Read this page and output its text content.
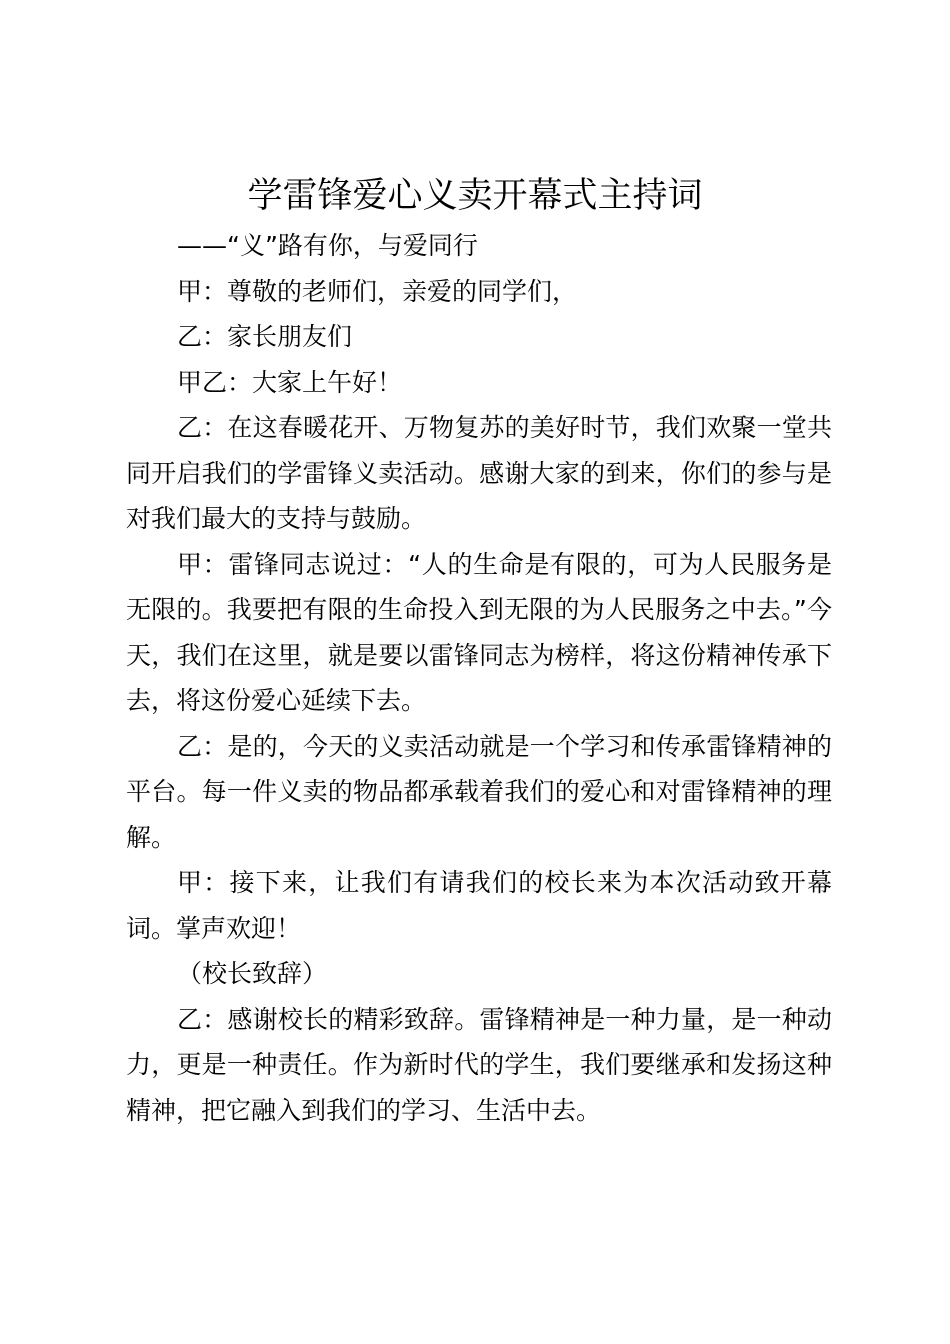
学雷锋爱心义卖开幕式主持词

——“义”路有你，与爱同行

甲：尊敬的老师们，亲爱的同学们，

乙：家长朋友们

甲乙：大家上午好！

乙：在这春暖花开、万物复苏的美好时节，我们欢聚一堂共同开启我们的学雷锋义卖活动。感谢大家的到来，你们的参与是对我们最大的支持与鼓励。

甲：雷锋同志说过：“人的生命是有限的，可为人民服务是无限的。我要把有限的生命投入到无限的为人民服务之中去。”今天，我们在这里，就是要以雷锋同志为榜样，将这份精神传承下去，将这份爱心延续下去。

乙：是的，今天的义卖活动就是一个学习和传承雷锋精神的平台。每一件义卖的物品都承载着我们的爱心和对雷锋精神的理解。

甲：接下来，让我们有请我们的校长来为本次活动致开幕词。掌声欢迎！

（校长致辞）

乙：感谢校长的精彩致辞。雷锋精神是一种力量，是一种动力，更是一种责任。作为新时代的学生，我们要继承和发扬这种精神，把它融入到我们的学习、生活中去。
